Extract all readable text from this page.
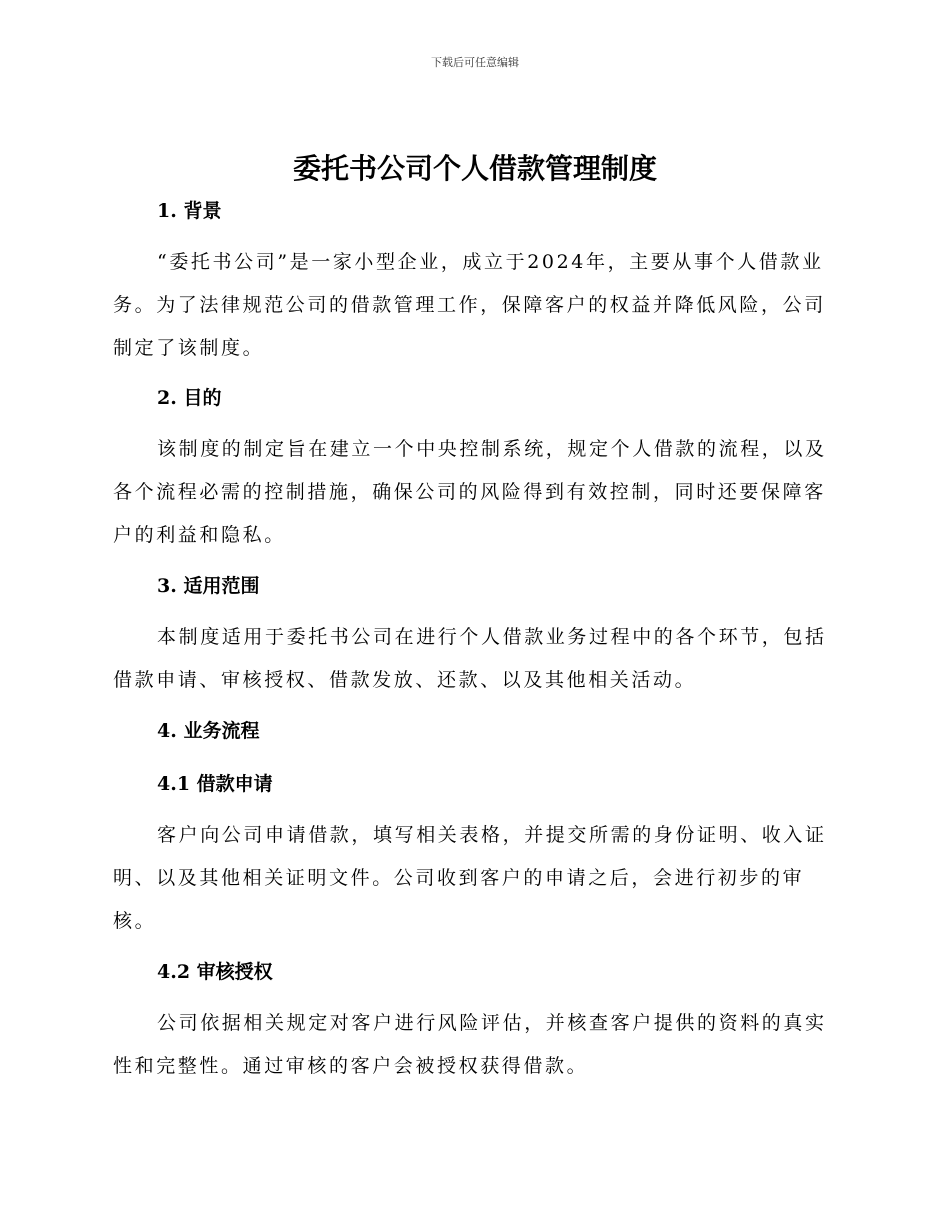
下载后可任意编辑
委托书公司个人借款管理制度
1. 背景

“委托书公司”是一家小型企业，成立于2024年，主要从事个人借款业务。为了法律规范公司的借款管理工作，保障客户的权益并降低风险，公司制定了该制度。

2. 目的

该制度的制定旨在建立一个中央控制系统，规定个人借款的流程，以及各个流程必需的控制措施，确保公司的风险得到有效控制，同时还要保障客户的利益和隐私。

3. 适用范围

本制度适用于委托书公司在进行个人借款业务过程中的各个环节，包括借款申请、审核授权、借款发放、还款、以及其他相关活动。

4. 业务流程
4.1 借款申请

客户向公司申请借款，填写相关表格，并提交所需的身份证明、收入证明、以及其他相关证明文件。公司收到客户的申请之后，会进行初步的审核。

4.2 审核授权

公司依据相关规定对客户进行风险评估，并核查客户提供的资料的真实性和完整性。通过审核的客户会被授权获得借款。
